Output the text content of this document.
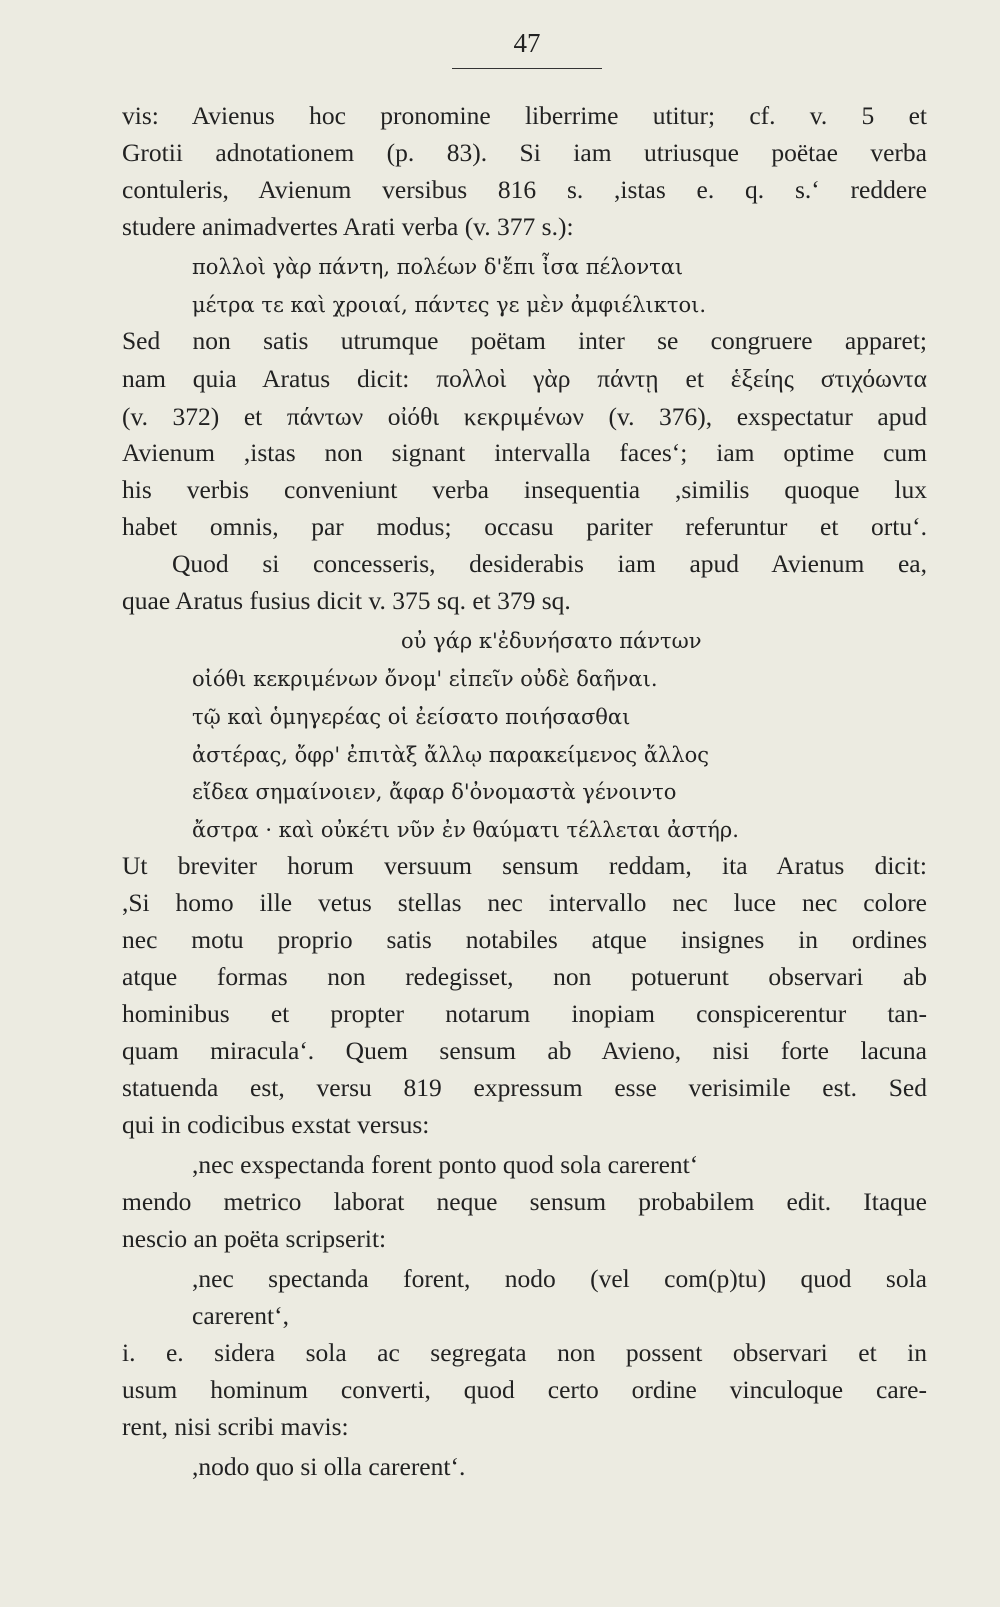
47
vis: Avienus hoc pronomine liberrime utitur; cf. v. 5 et
Grotii adnotationem (p. 83). Si iam utriusque poëtae verba
contuleris, Avienum versibus 816 s. ,istas e. q. s.‘ reddere
studere animadvertes Arati verba (v. 377 s.):
πολλοὶ γὰρ πάντη, πολέων δ'ἔπι ἶσα πέλονται
μέτρα τε καὶ χροιαί, πάντες γε μὲν ἀμφιέλικτοι.
Sed non satis utrumque poëtam inter se congruere apparet;
nam quia Aratus dicit: πολλοὶ γὰρ πάντῃ et ἑξείης στιχόωντα
(v. 372) et πάντων οἰόθι κεκριμένων (v. 376), exspectatur apud
Avienum ,istas non signant intervalla faces‘; iam optime cum
his verbis conveniunt verba insequentia ,similis quoque lux
habet omnis, par modus; occasu pariter referuntur et ortu‘.
Quod si concesseris, desiderabis iam apud Avienum ea,
quae Aratus fusius dicit v. 375 sq. et 379 sq.
οὐ γάρ κ'ἐδυνήσατο πάντων
οἰόθι κεκριμένων ὄνομ' εἰπεῖν οὐδὲ δαῆναι.
τῷ καὶ ὁμηγερέας οἱ ἐείσατο ποιήσασθαι
ἀστέρας, ὄφρ' ἐπιτὰξ ἄλλῳ παρακείμενος ἄλλος
εἴδεα σημαίνοιεν, ἄφαρ δ'ὀνομαστὰ γένοιντο
ἄστρα · καὶ οὐκέτι νῦν ἐν θαύματι τέλλεται ἀστήρ.
Ut breviter horum versuum sensum reddam, ita Aratus dicit:
,Si homo ille vetus stellas nec intervallo nec luce nec colore
nec motu proprio satis notabiles atque insignes in ordines
atque formas non redegisset, non potuerunt observari ab
hominibus et propter notarum inopiam conspicerentur tan-
quam miracula‘. Quem sensum ab Avieno, nisi forte lacuna
statuenda est, versu 819 expressum esse verisimile est. Sed
qui in codicibus exstat versus:
,nec exspectanda forent ponto quod sola carerent‘
mendo metrico laborat neque sensum probabilem edit. Itaque
nescio an poëta scripserit:
,nec spectanda forent, nodo (vel com(p)tu) quod sola
carerent‘,
i. e. sidera sola ac segregata non possent observari et in
usum hominum converti, quod certo ordine vinculoque care-
rent, nisi scribi mavis:
,nodo quo si olla carerent‘.
